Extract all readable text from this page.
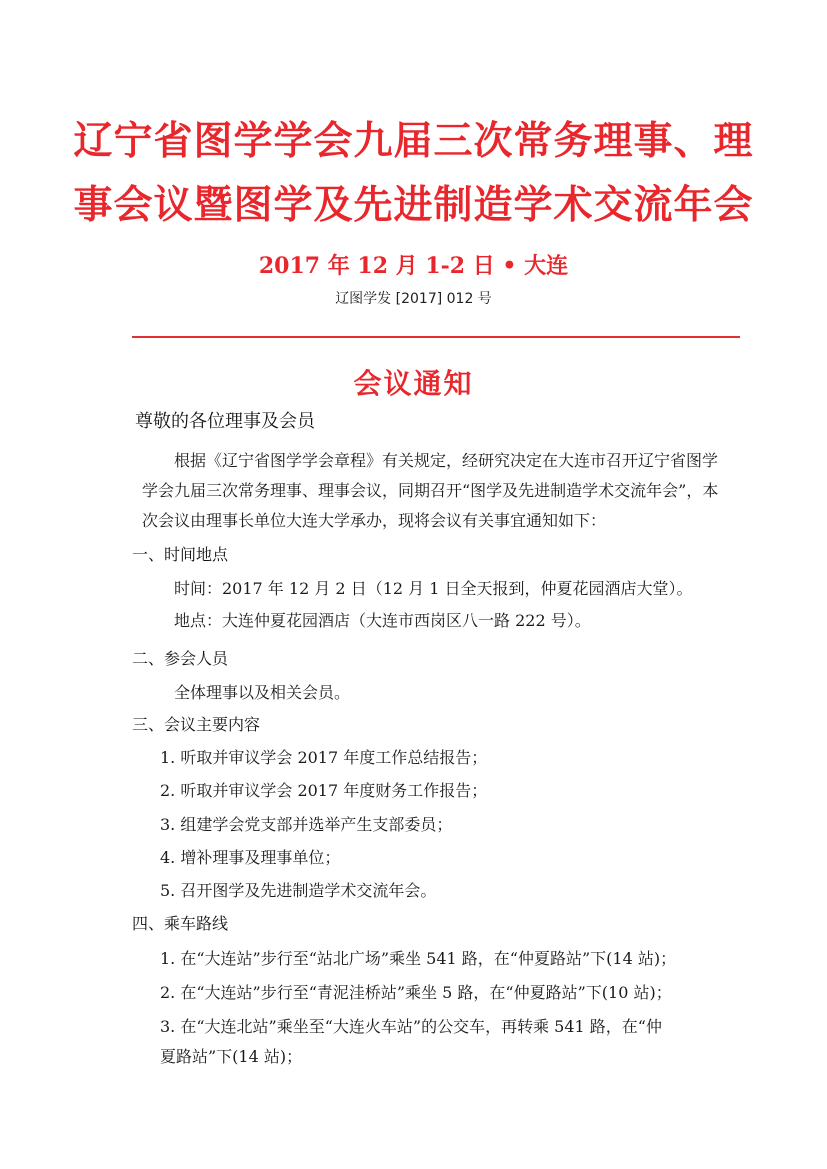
辽宁省图学学会九届三次常务理事、理
事会议暨图学及先进制造学术交流年会
2017 年 12 月 1-2 日 • 大连
辽图学发 [2017] 012 号
会议通知
尊敬的各位理事及会员
根据《辽宁省图学学会章程》有关规定，经研究决定在大连市召开辽宁省图学学会九届三次常务理事、理事会议，同期召开“图学及先进制造学术交流年会”，本次会议由理事长单位大连大学承办，现将会议有关事宜通知如下：
一、时间地点
时间：2017 年 12 月 2 日（12 月 1 日全天报到，仲夏花园酒店大堂）。
地点：大连仲夏花园酒店（大连市西岗区八一路 222 号）。
二、参会人员
全体理事以及相关会员。
三、会议主要内容
1. 听取并审议学会 2017 年度工作总结报告；
2. 听取并审议学会 2017 年度财务工作报告；
3. 组建学会党支部并选举产生支部委员；
4. 增补理事及理事单位；
5. 召开图学及先进制造学术交流年会。
四、乘车路线
1. 在“大连站”步行至“站北广场”乘坐 541 路，在“仲夏路站”下(14 站)；
2. 在“大连站”步行至“青泥洼桥站”乘坐 5 路，在“仲夏路站”下(10 站)；
3. 在“大连北站”乘坐至“大连火车站”的公交车，再转乘 541 路，在“仲
夏路站”下(14 站)；
